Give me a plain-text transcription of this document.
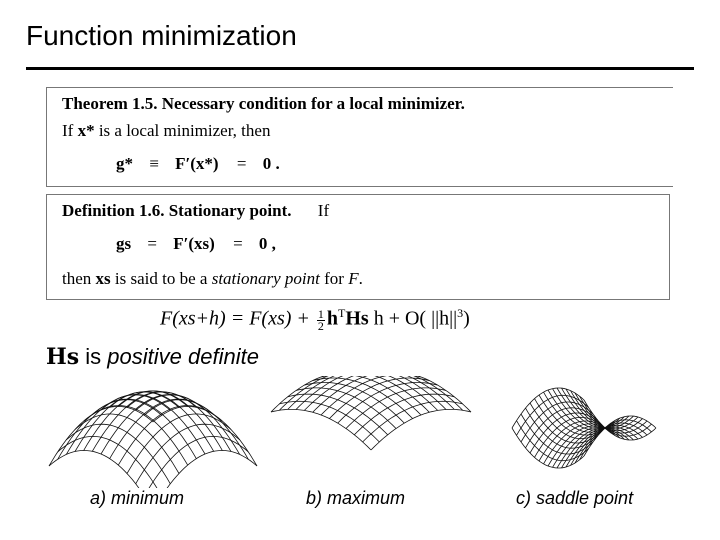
Function minimization
Theorem 1.5. Necessary condition for a local minimizer.
If x* is a local minimizer, then
g* ≡ F′(x*) = 0 .
Definition 1.6. Stationary point. If
gs = F′(xs) = 0 ,
then xs is said to be a stationary point for F.
$F(xs+h) = F(xs) + \frac{1}{2} h^THs$ h + O( $||h||^3$)
Hs is positive definite
a) minimum	b) maximum	c) saddle point
